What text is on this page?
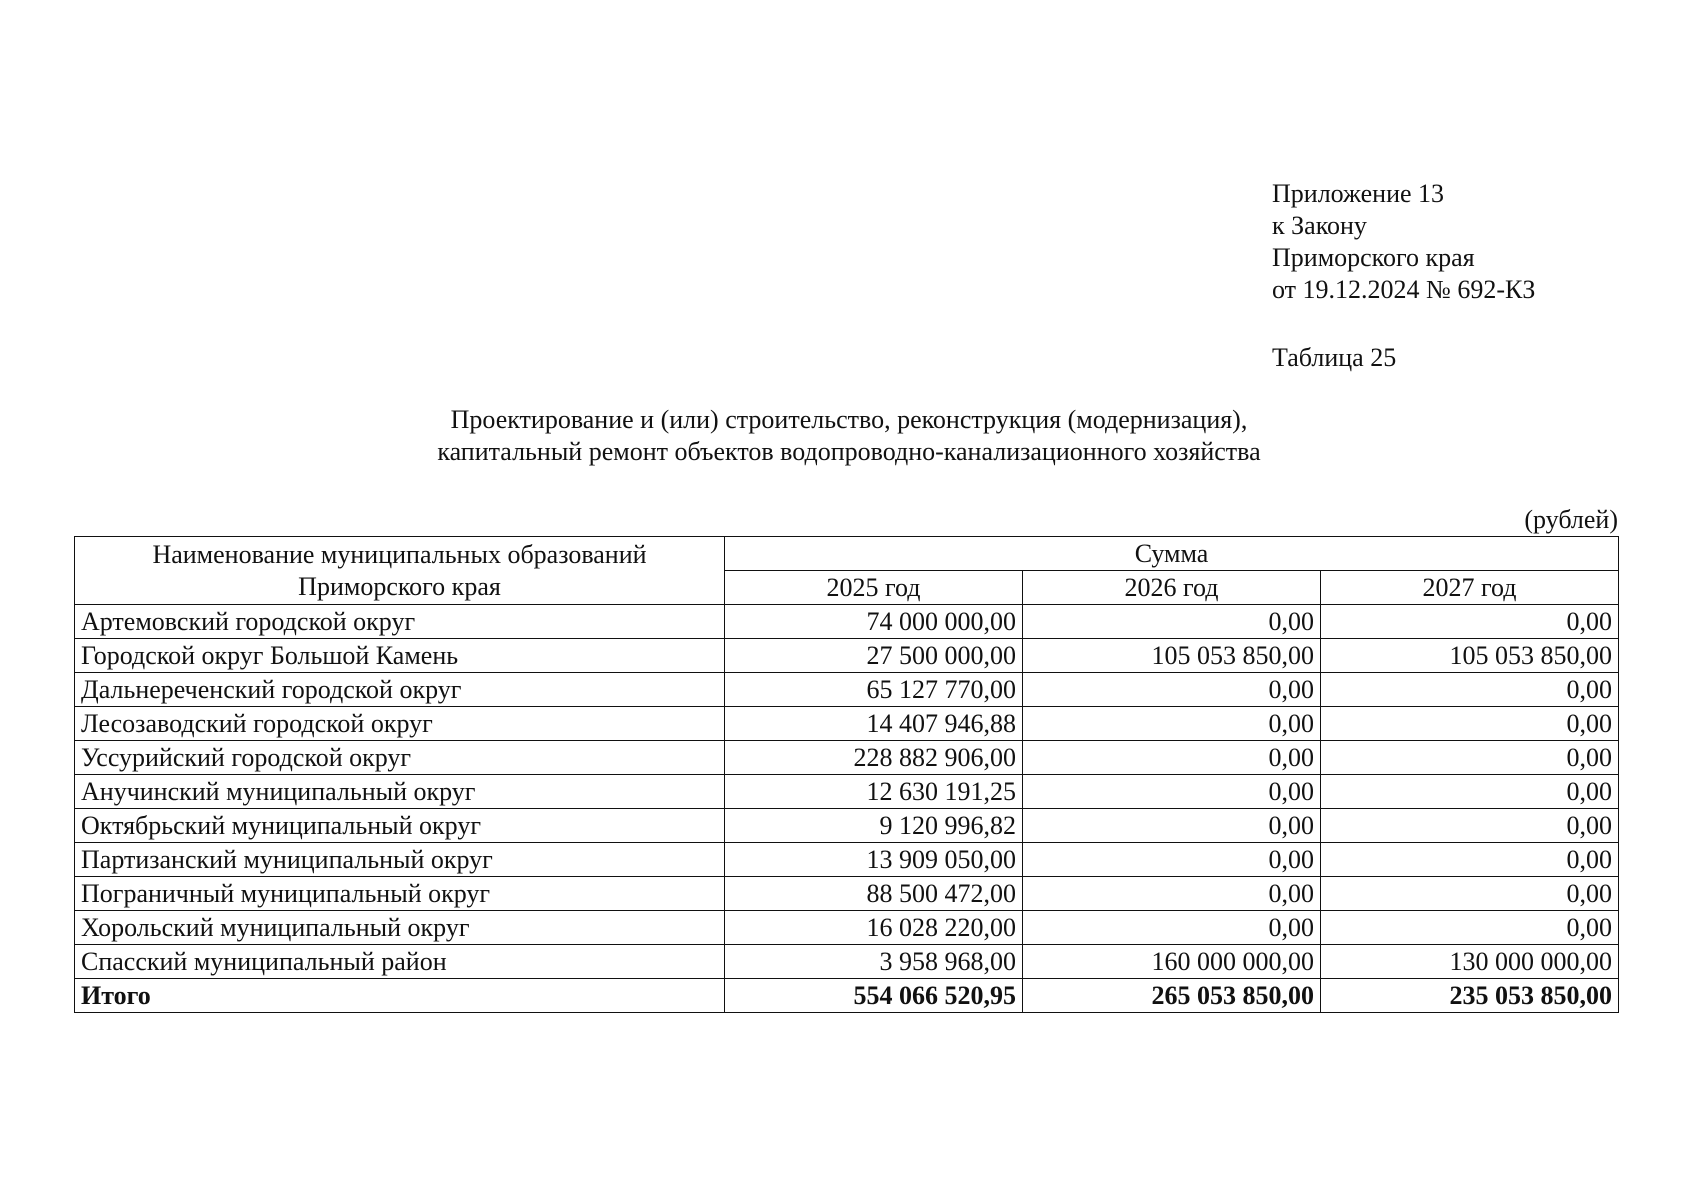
Приложение 13
к Закону
Приморского края
от 19.12.2024 № 692-КЗ
Таблица 25
Проектирование и (или) строительство, реконструкция (модернизация),
капитальный ремонт объектов водопроводно-канализационного хозяйства
(рублей)
Наименование муниципальных образований
Приморского края	Сумма		
	2025 год	2026 год	2027 год
Артемовский городской округ	74 000 000,00	0,00	0,00
Городской округ Большой Камень	27 500 000,00	105 053 850,00	105 053 850,00
Дальнереченский городской округ	65 127 770,00	0,00	0,00
Лесозаводский городской округ	14 407 946,88	0,00	0,00
Уссурийский городской округ	228 882 906,00	0,00	0,00
Анучинский муниципальный округ	12 630 191,25	0,00	0,00
Октябрьский муниципальный округ	9 120 996,82	0,00	0,00
Партизанский муниципальный округ	13 909 050,00	0,00	0,00
Пограничный муниципальный округ	88 500 472,00	0,00	0,00
Хорольский муниципальный округ	16 028 220,00	0,00	0,00
Спасский муниципальный район	3 958 968,00	160 000 000,00	130 000 000,00
Итого	554 066 520,95	265 053 850,00	235 053 850,00
